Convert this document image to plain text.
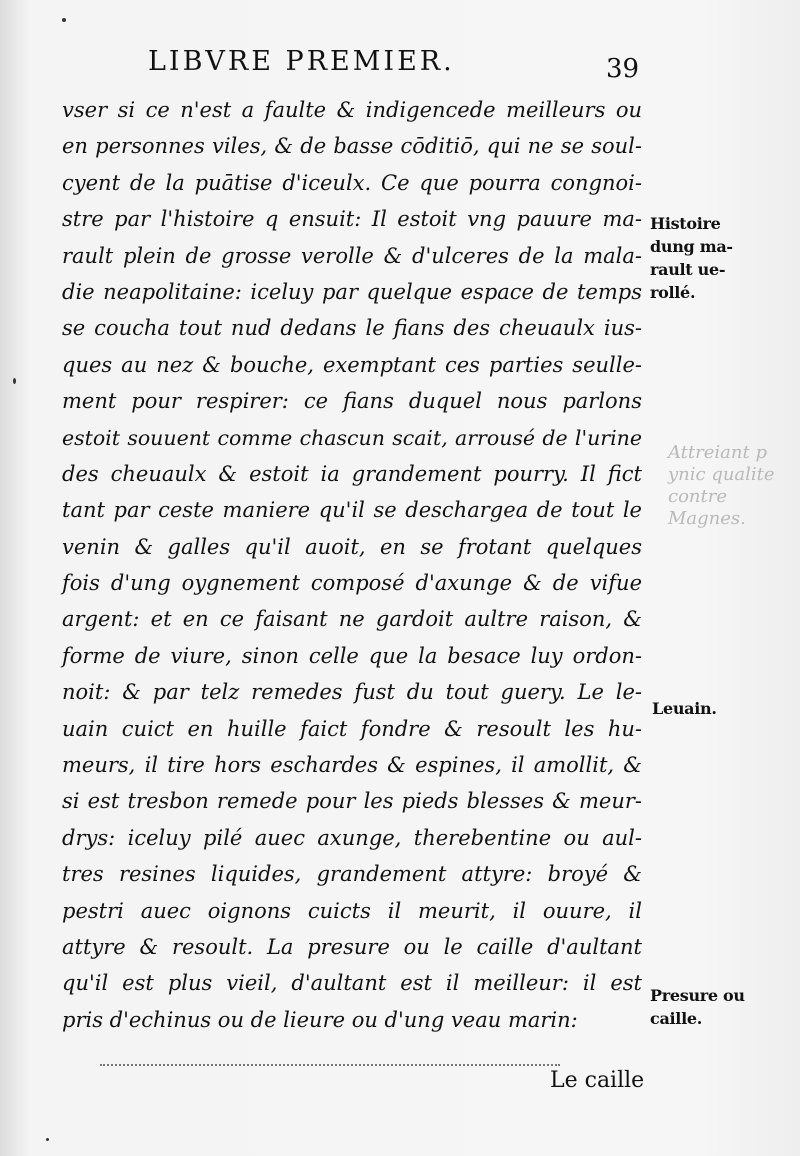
Attreiant p
ynic qualite
contre
Magnes.
LIBVRE PREMIER.	39
vser si ce n'est a faulte & indigencede meilleurs ou
en personnes viles, & de basse cōditiō, qui ne se soul-
cyent de la puātise d'iceulx. Ce que pourra congnoi-
stre par l'histoire q ensuit: Il estoit vng pauure ma-
rault plein de grosse verolle & d'ulceres de la mala-
die neapolitaine: iceluy par quelque espace de temps
se coucha tout nud dedans le fians des cheuaulx ius-
ques au nez & bouche, exemptant ces parties seulle-
ment pour respirer: ce fians duquel nous parlons
estoit souuent comme chascun scait, arrousé de l'urine
des cheuaulx & estoit ia grandement pourry. Il fict
tant par ceste maniere qu'il se deschargea de tout le
venin & galles qu'il auoit, en se frotant quelques
fois d'ung oygnement composé d'axunge & de vifue
argent: et en ce faisant ne gardoit aultre raison, &
forme de viure, sinon celle que la besace luy ordon-
noit: & par telz remedes fust du tout guery. Le le-
uain cuict en huille faict fondre & resoult les hu-
meurs, il tire hors eschardes & espines, il amollit, &
si est tresbon remede pour les pieds blesses & meur-
drys: iceluy pilé auec axunge, therebentine ou aul-
tres resines liquides, grandement attyre: broyé &
pestri auec oignons cuicts il meurit, il ouure, il
attyre & resoult. La presure ou le caille d'aultant
qu'il est plus vieil, d'aultant est il meilleur: il est
pris d'echinus ou de lieure ou d'ung veau marin:
Histoire
dung ma-
rault ue-
rollé.
Leuain.
Presure ou
caille.
Le caille
